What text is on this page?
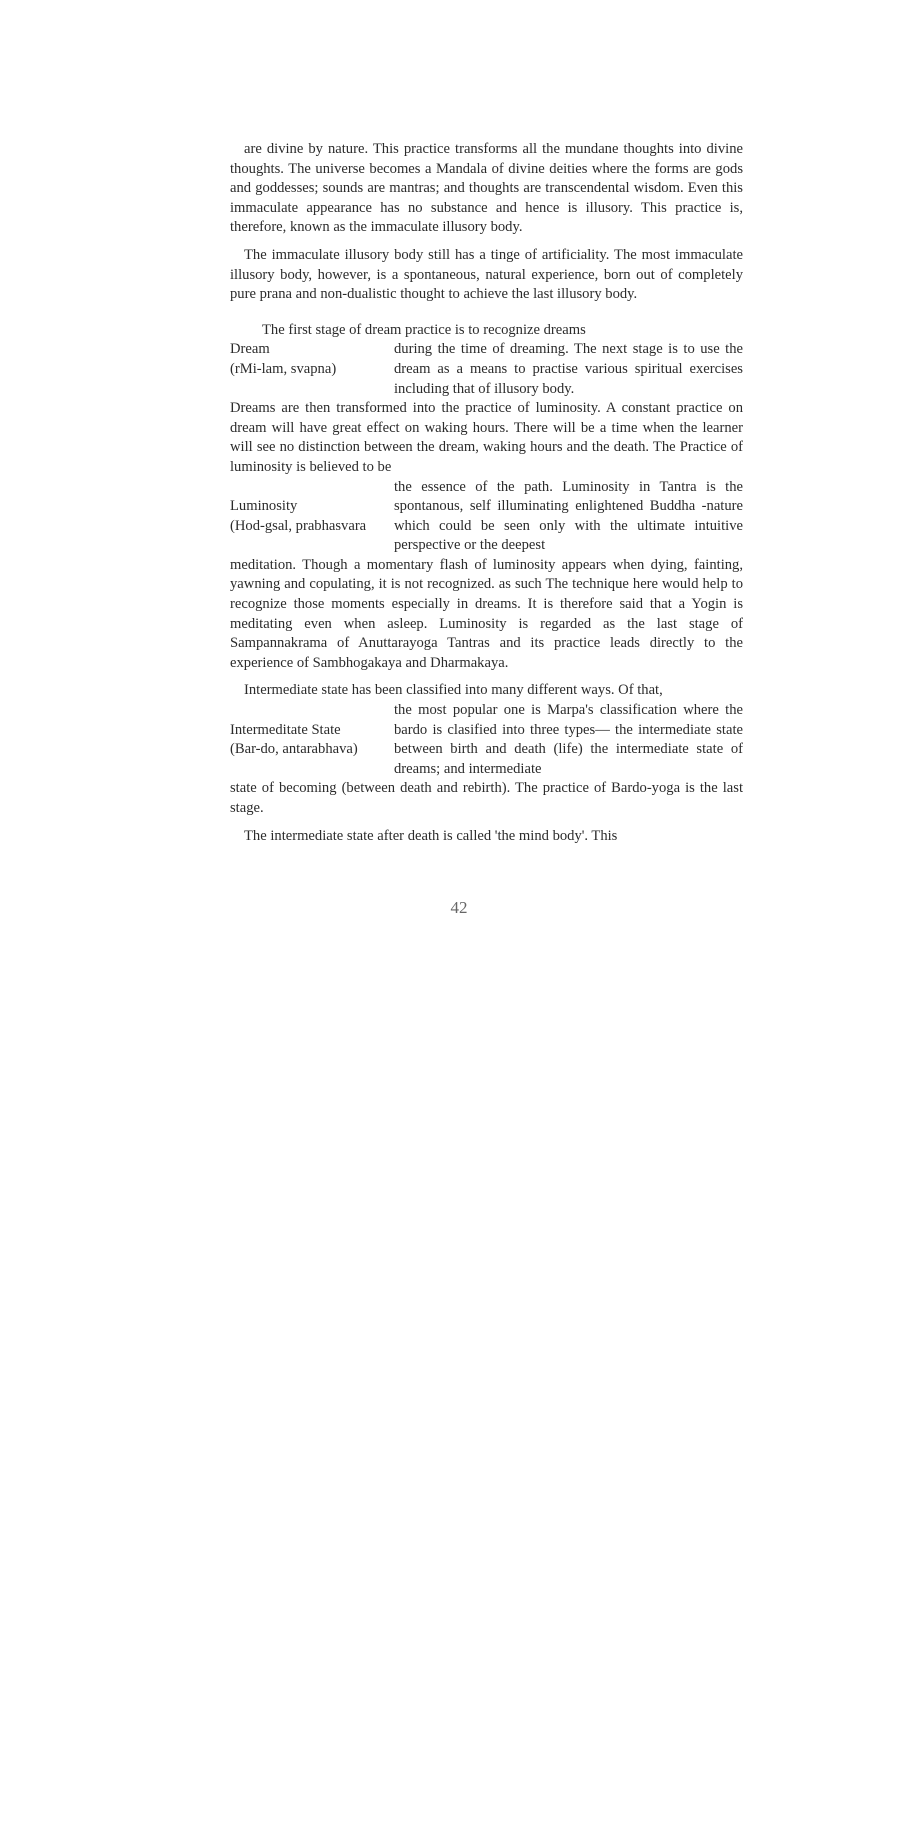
are divine by nature. This practice transforms all the mundane thoughts into divine thoughts. The universe becomes a Mandala of divine deities where the forms are gods and goddesses; sounds are mantras; and thoughts are transcendental wisdom. Even this immaculate appearance has no substance and hence is illusory. This practice is, therefore, known as the immaculate illusory body.

The immaculate illusory body still has a tinge of artificiality. The most immaculate illusory body, however, is a spontaneous, natural experience, born out of completely pure prana and non-dualistic thought to achieve the last illusory body.

The first stage of dream practice is to recognize dreams

Dream
(rMi-lam, svapna)
during the time of dreaming. The next stage is to use the dream as a means to practise various spiritual exercises including that of illusory body.

Dreams are then transformed into the practice of luminosity. A constant practice on dream will have great effect on waking hours. There will be a time when the learner will see no distinction between the dream, waking hours and the death. The Practice of luminosity is believed to be

Luminosity
(Hod-gsal, prabhasvara
the essence of the path. Luminosity in Tantra is the spontanous, self illuminating enlightened Buddha -nature which could be seen only with the ultimate intuitive perspective or the deepest

meditation. Though a momentary flash of luminosity appears when dying, fainting, yawning and copulating, it is not recognized. as such The technique here would help to recognize those moments especially in dreams. It is therefore said that a Yogin is meditating even when asleep. Luminosity is regarded as the last stage of Sampannakrama of Anuttarayoga Tantras and its practice leads directly to the experience of Sambhogakaya and Dharmakaya.

Intermediate state has been classified into many different ways. Of that,

Intermeditate State
(Bar-do, antarabhava)
the most popular one is Marpa's classification where the bardo is clasified into three types— the intermediate state between birth and death (life) the intermediate state of dreams; and intermediate

state of becoming (between death and rebirth). The practice of Bardo-yoga is the last stage.

The intermediate state after death is called 'the mind body'. This

42
